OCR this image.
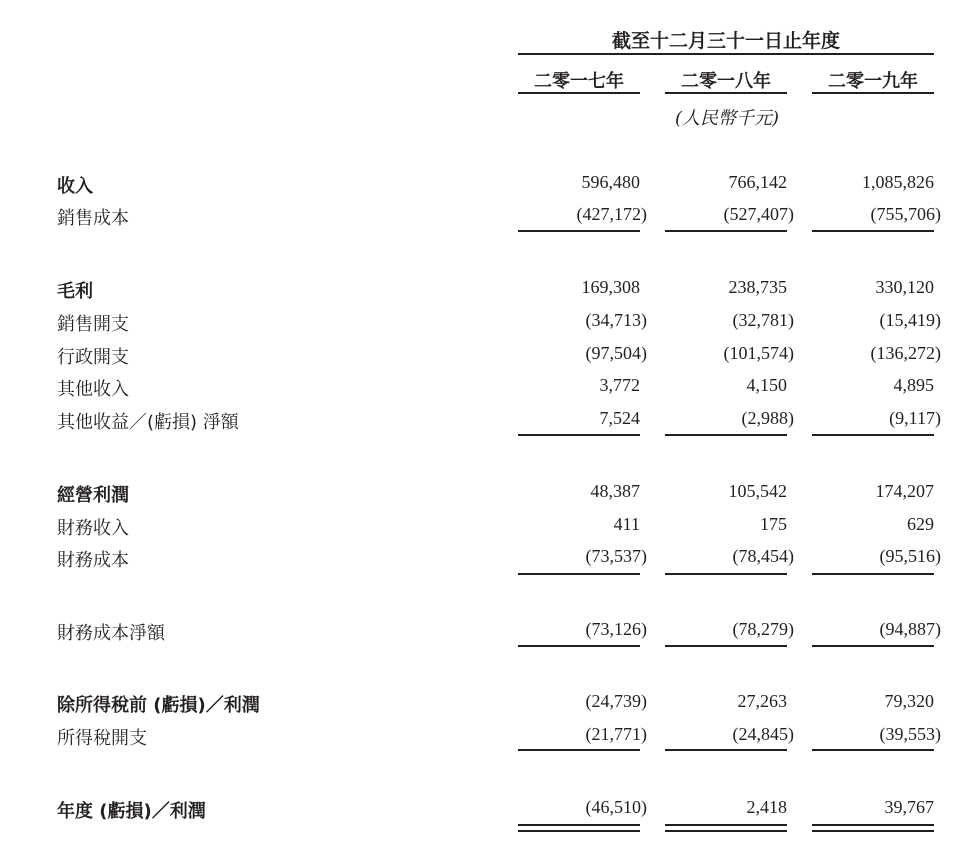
截至十二月三十一日止年度
二零一七年	二零一八年	二零一九年
(人民幣千元)
收入	596,480	766,142	1,085,826
銷售成本	(427,172)	(527,407)	(755,706)
毛利	169,308	238,735	330,120
銷售開支	(34,713)	(32,781)	(15,419)
行政開支	(97,504)	(101,574)	(136,272)
其他收入	3,772	4,150	4,895
其他收益／(虧損) 淨額	7,524	(2,988)	(9,117)
經營利潤	48,387	105,542	174,207
財務收入	411	175	629
財務成本	(73,537)	(78,454)	(95,516)
財務成本淨額	(73,126)	(78,279)	(94,887)
除所得稅前 (虧損)／利潤	(24,739)	27,263	79,320
所得稅開支	(21,771)	(24,845)	(39,553)
年度 (虧損)／利潤	(46,510)	2,418	39,767
